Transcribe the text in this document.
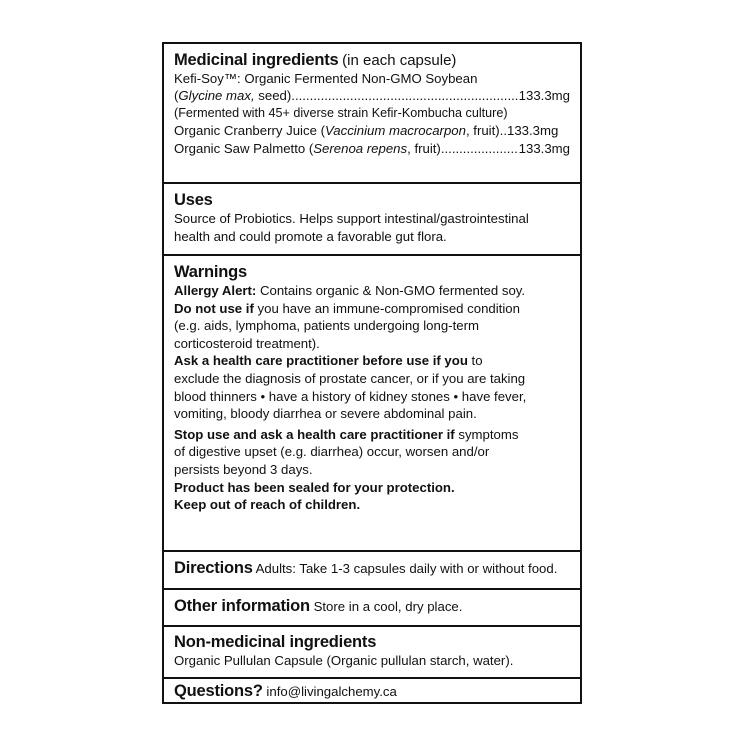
Medicinal ingredients (in each capsule)
Kefi-Soy™: Organic Fermented Non-GMO Soybean
(Glycine max, seed) .....	133.3mg
(Fermented with 45+ diverse strain Kefir-Kombucha culture)
Organic Cranberry Juice (Vaccinium macrocarpon, fruit).. 133.3mg
Organic Saw Palmetto (Serenoa repens, fruit) .....	133.3mg
Uses
Source of Probiotics. Helps support intestinal/gastrointestinal
health and could promote a favorable gut flora.
Warnings
Allergy Alert: Contains organic & Non-GMO fermented soy.
Do not use if you have an immune-compromised condition
(e.g. aids, lymphoma, patients undergoing long-term
corticosteroid treatment).
Ask a health care practitioner before use if you to
exclude the diagnosis of prostate cancer, or if you are taking
blood thinners • have a history of kidney stones • have fever,
vomiting, bloody diarrhea or severe abdominal pain.
Stop use and ask a health care practitioner if symptoms
of digestive upset (e.g. diarrhea) occur, worsen and/or
persists beyond 3 days.
Product has been sealed for your protection.
Keep out of reach of children.
Directions Adults: Take 1-3 capsules daily with or without food.
Other information Store in a cool, dry place.
Non-medicinal ingredients
Organic Pullulan Capsule (Organic pullulan starch, water).
Questions? info@livingalchemy.ca
